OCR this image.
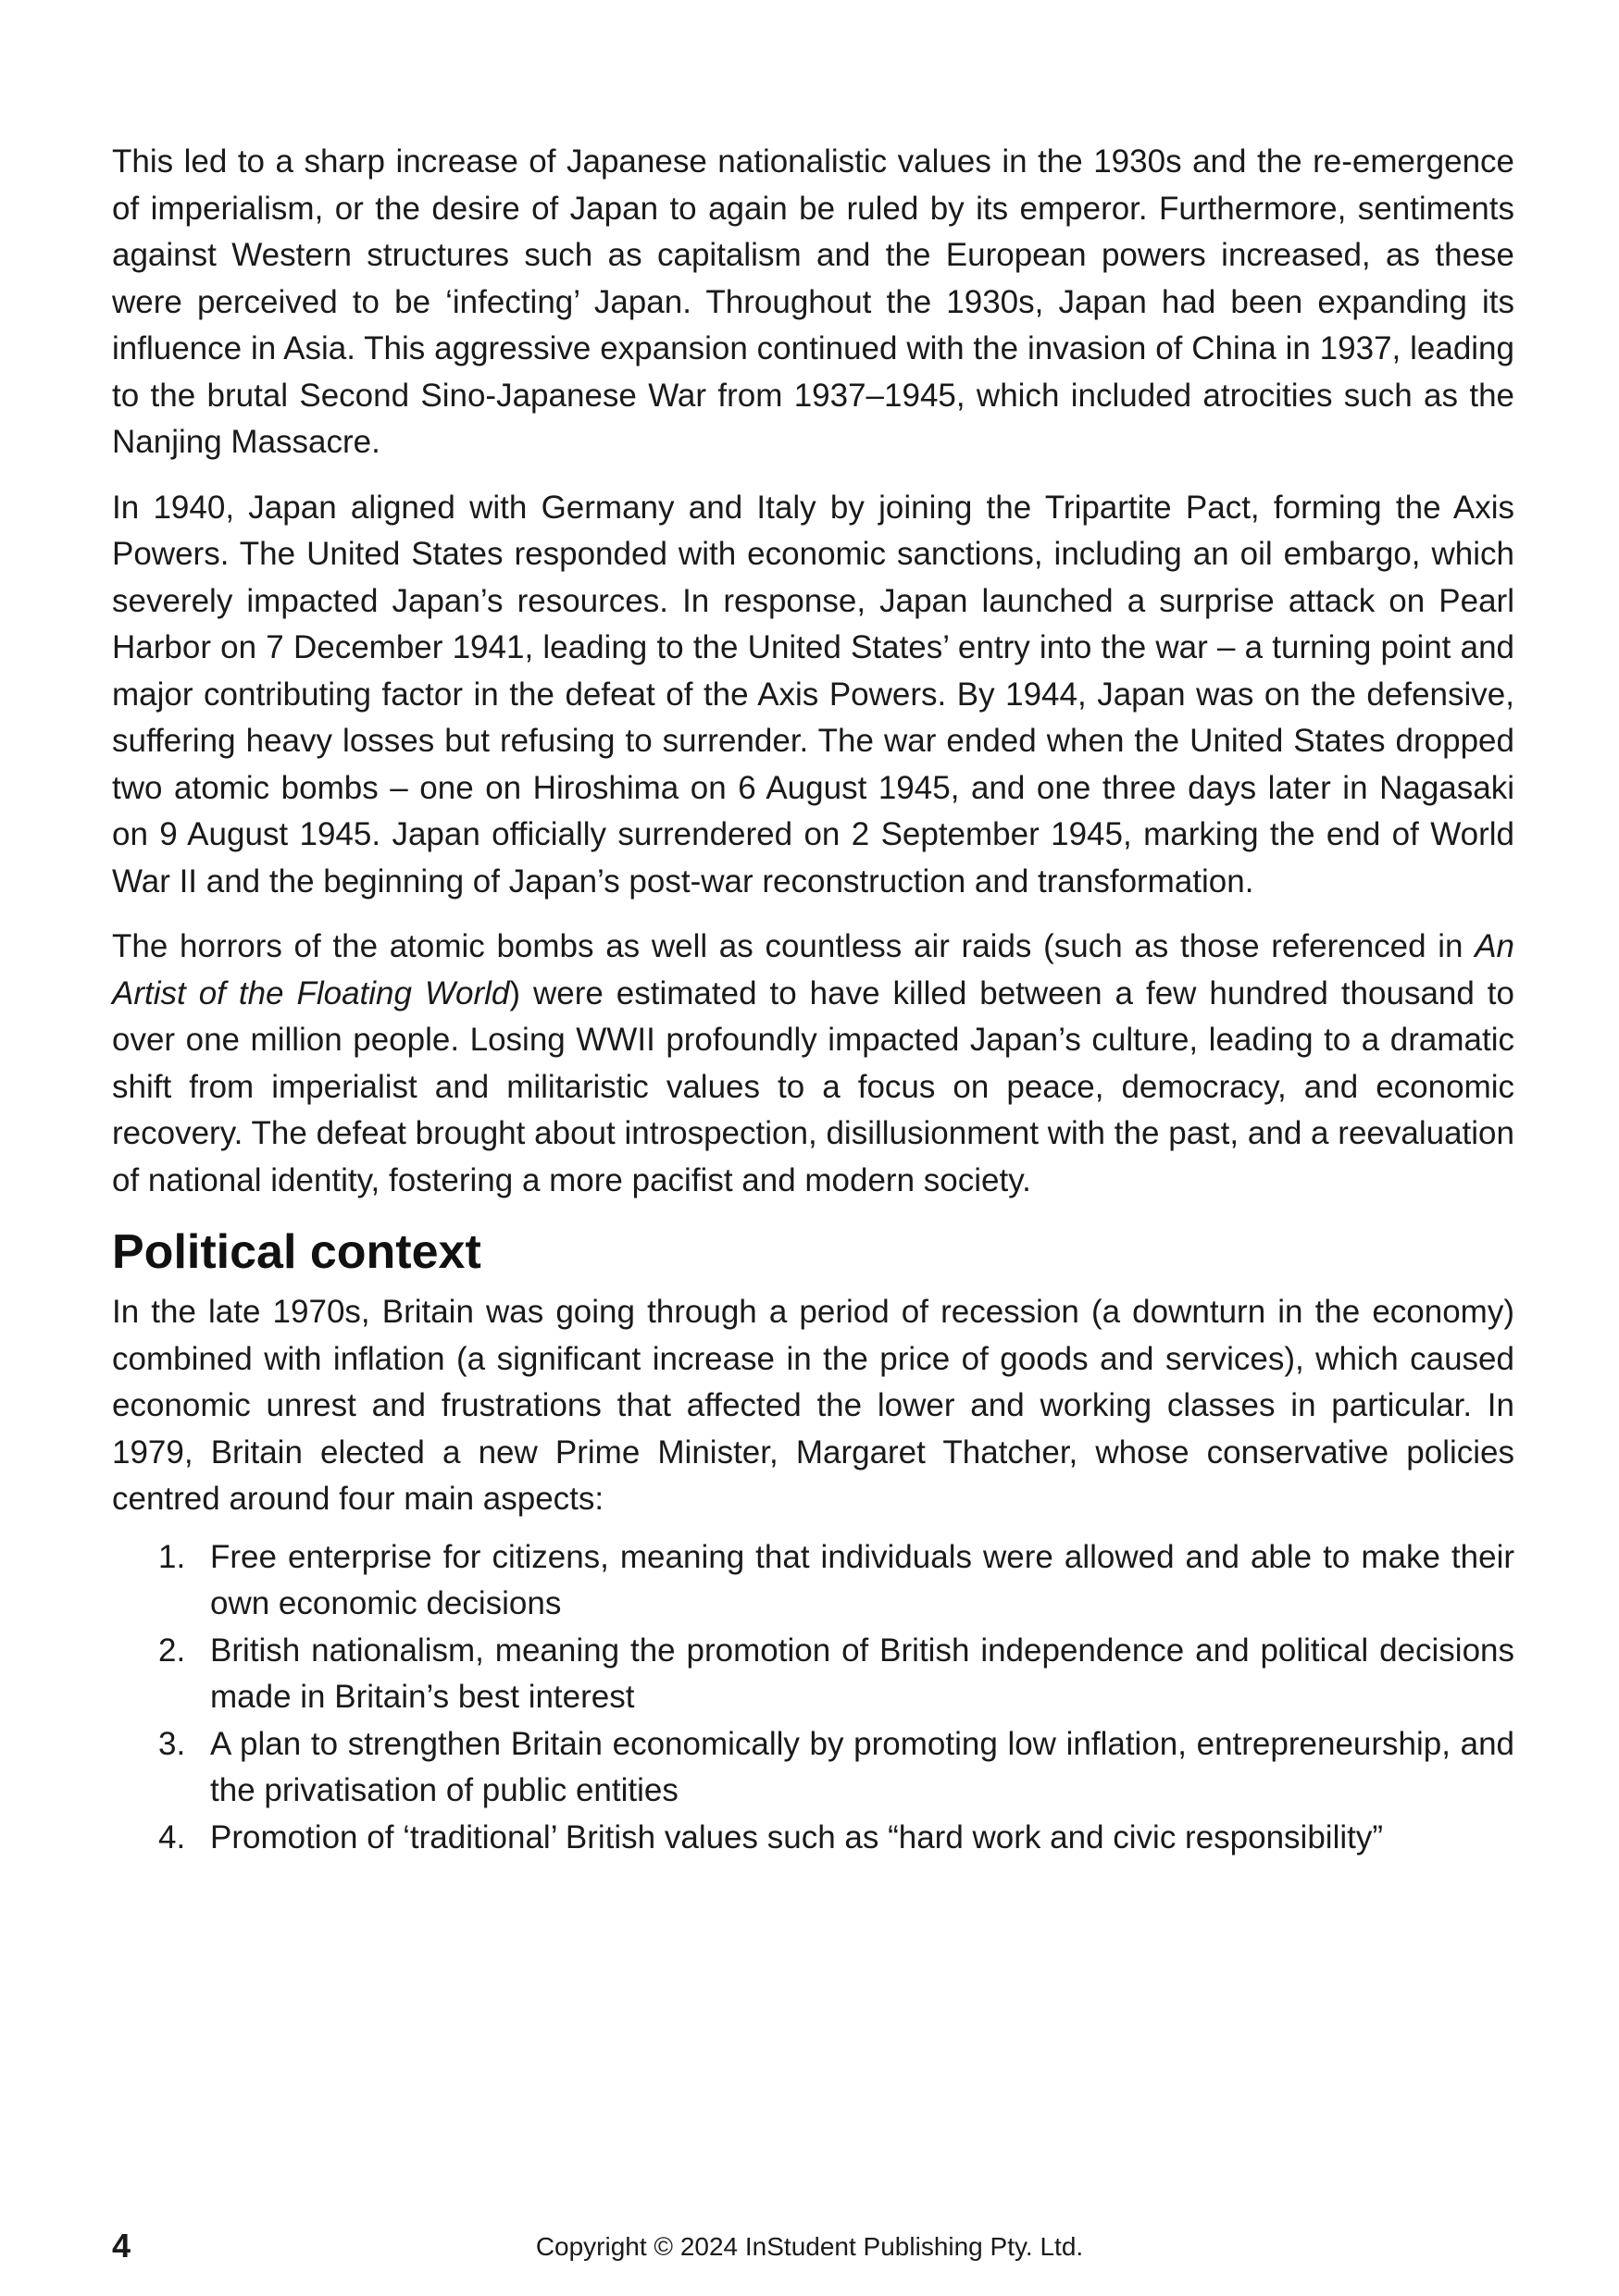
This led to a sharp increase of Japanese nationalistic values in the 1930s and the re-emergence of imperialism, or the desire of Japan to again be ruled by its emperor. Furthermore, sentiments against Western structures such as capitalism and the European powers increased, as these were perceived to be ‘infecting’ Japan. Throughout the 1930s, Japan had been expanding its influence in Asia. This aggressive expansion continued with the invasion of China in 1937, leading to the brutal Second Sino-Japanese War from 1937–1945, which included atrocities such as the Nanjing Massacre.

In 1940, Japan aligned with Germany and Italy by joining the Tripartite Pact, forming the Axis Powers. The United States responded with economic sanctions, including an oil embargo, which severely impacted Japan’s resources. In response, Japan launched a surprise attack on Pearl Harbor on 7 December 1941, leading to the United States’ entry into the war – a turning point and major contributing factor in the defeat of the Axis Powers. By 1944, Japan was on the defensive, suffering heavy losses but refusing to surrender. The war ended when the United States dropped two atomic bombs – one on Hiroshima on 6 August 1945, and one three days later in Nagasaki on 9 August 1945. Japan officially surrendered on 2 September 1945, marking the end of World War II and the beginning of Japan’s post-war reconstruction and transformation.

The horrors of the atomic bombs as well as countless air raids (such as those referenced in An Artist of the Floating World) were estimated to have killed between a few hundred thousand to over one million people. Losing WWII profoundly impacted Japan’s culture, leading to a dramatic shift from imperialist and militaristic values to a focus on peace, democracy, and economic recovery. The defeat brought about introspection, disillusionment with the past, and a reevaluation of national identity, fostering a more pacifist and modern society.

Political context

In the late 1970s, Britain was going through a period of recession (a downturn in the economy) combined with inflation (a significant increase in the price of goods and services), which caused economic unrest and frustrations that affected the lower and working classes in particular. In 1979, Britain elected a new Prime Minister, Margaret Thatcher, whose conservative policies centred around four main aspects:

1. Free enterprise for citizens, meaning that individuals were allowed and able to make their own economic decisions
2. British nationalism, meaning the promotion of British independence and political decisions made in Britain’s best interest
3. A plan to strengthen Britain economically by promoting low inflation, entrepreneurship, and the privatisation of public entities
4. Promotion of ‘traditional’ British values such as “hard work and civic responsibility”
4	Copyright © 2024 InStudent Publishing Pty. Ltd.
